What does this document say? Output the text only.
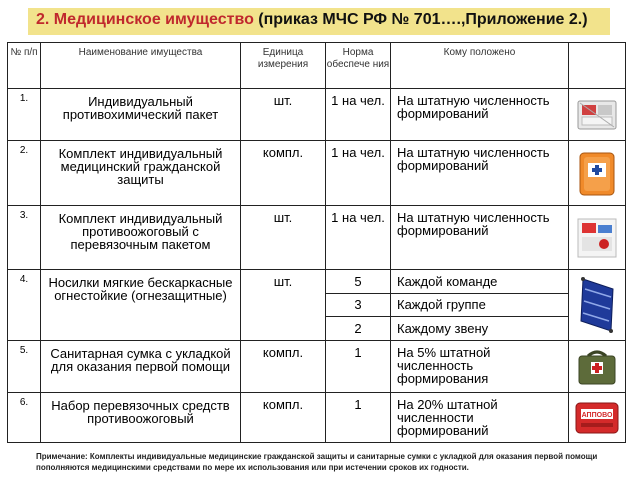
2. Медицинское имущество (приказ МЧС РФ № 701….,Приложение 2.)
№ п/п	Наименование имущества	Единица измерения	Норма обеспече ния	Кому положено	
1.	Индивидуальный противохимический пакет	шт.	1 на чел.	На штатную численность формирований	

2.	Комплект индивидуальный медицинский гражданской защиты	компл.	1 на чел.	На штатную численность формирований	

3.	Комплект индивидуальный противоожоговый с перевязочным пакетом	шт.	1 на чел.	На штатную численность формирований	

4.	Носилки мягкие бескаркасные огнестойкие (огнезащитные)	шт.	5	Каждой команде	

			3	Каждой группе	
			2	Каждому звену	
5.	Санитарная сумка с укладкой для оказания первой помощи	компл.	1	На 5% штатной численность формирования	

6.	Набор перевязочных средств противоожоговый	компл.	1	На 20% штатной численности формирований	АППОВО
Примечание: Комплекты индивидуальные медицинские гражданской защиты и санитарные сумки с укладкой для оказания первой помощи пополняются медицинскими средствами по мере их использования или при истечении сроков их годности.
